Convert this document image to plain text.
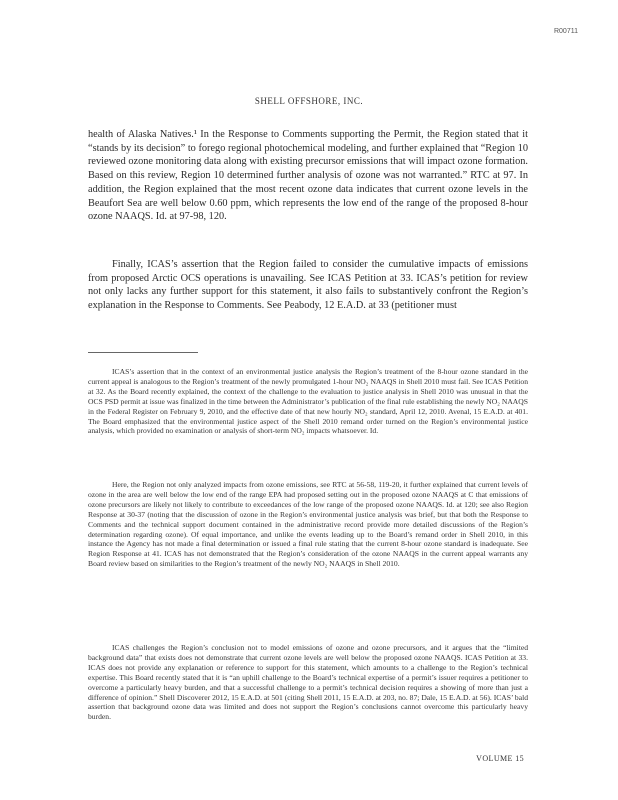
R00711
SHELL OFFSHORE, INC.

health of Alaska Natives.¹ In the Response to Comments supporting the Permit, the Region stated that it “stands by its decision” to forego regional photochemical modeling, and further explained that “Region 10 reviewed ozone monitoring data along with existing precursor emissions that will impact ozone formation. Based on this review, Region 10 determined further analysis of ozone was not warranted.” RTC at 97. In addition, the Region explained that the most recent ozone data indicates that current ozone levels in the Beaufort Sea are well below 0.60 ppm, which represents the low end of the range of the proposed 8-hour ozone NAAQS. Id. at 97-98, 120.

Finally, ICAS’s assertion that the Region failed to consider the cumulative impacts of emissions from proposed Arctic OCS operations is unavailing. See ICAS Petition at 33. ICAS’s petition for review not only lacks any further support for this statement, it also fails to substantively confront the Region’s explanation in the Response to Comments. See Peabody, 12 E.A.D. at 33 (petitioner must

ICAS’s assertion that in the context of an environmental justice analysis the Region’s treatment of the 8-hour ozone standard in the current appeal is analogous to the Region’s treatment of the newly promulgated 1-hour NO₂ NAAQS in Shell 2010 must fail. See ICAS Petition at 32. As the Board recently explained, the context of the challenge to the evaluation to justice analysis in Shell 2010 was unusual in that the OCS PSD permit at issue was finalized in the time between the Administrator’s publication of the final rule establishing the newly NO₂ NAAQS in the Federal Register on February 9, 2010, and the effective date of that new hourly NO₂ standard, April 12, 2010. Avenal, 15 E.A.D. at 401. The Board emphasized that the environmental justice aspect of the Shell 2010 remand order turned on the Region’s environmental justice analysis, which provided no examination or analysis of short-term NO₂ impacts whatsoever. Id.

Here, the Region not only analyzed impacts from ozone emissions, see RTC at 56-58, 119-20, it further explained that current levels of ozone in the area are well below the low end of the range EPA had proposed setting out in the proposed ozone NAAQS at C that emissions of ozone precursors are likely not likely to contribute to exceedances of the low range of the proposed ozone NAAQS. Id. at 120; see also Region Response at 30-37 (noting that the discussion of ozone in the Region’s environmental justice analysis was brief, but that both the Response to Comments and the technical support document contained in the administrative record provide more detailed discussions of the Region’s determination regarding ozone). Of equal importance, and unlike the events leading up to the Board’s remand order in Shell 2010, in this instance the Agency has not made a final determination or issued a final rule stating that the current 8-hour ozone standard is inadequate. See Region Response at 41. ICAS has not demonstrated that the Region’s consideration of the ozone NAAQS in the current appeal warrants any Board review based on similarities to the Region’s treatment of the newly NO₂ NAAQS in Shell 2010.

ICAS challenges the Region’s conclusion not to model emissions of ozone and ozone precursors, and it argues that the “limited background data” that exists does not demonstrate that current ozone levels are well below the proposed ozone NAAQS. ICAS Petition at 33. ICAS does not provide any explanation or reference to support for this statement, which amounts to a challenge to the Region’s technical expertise. This Board recently stated that it is “an uphill challenge to the Board’s technical expertise of a permit’s issuer requires a petitioner to overcome a particularly heavy burden, and that a successful challenge to a permit’s technical decision requires a showing of more than just a difference of opinion.” Shell Discoverer 2012, 15 E.A.D. at 501 (citing Shell 2011, 15 E.A.D. at 203, no. 87; Dale, 15 E.A.D. at 56). ICAS’ bald assertion that background ozone data was limited and does not support the Region’s conclusions cannot overcome this particularly heavy burden.

VOLUME 15
